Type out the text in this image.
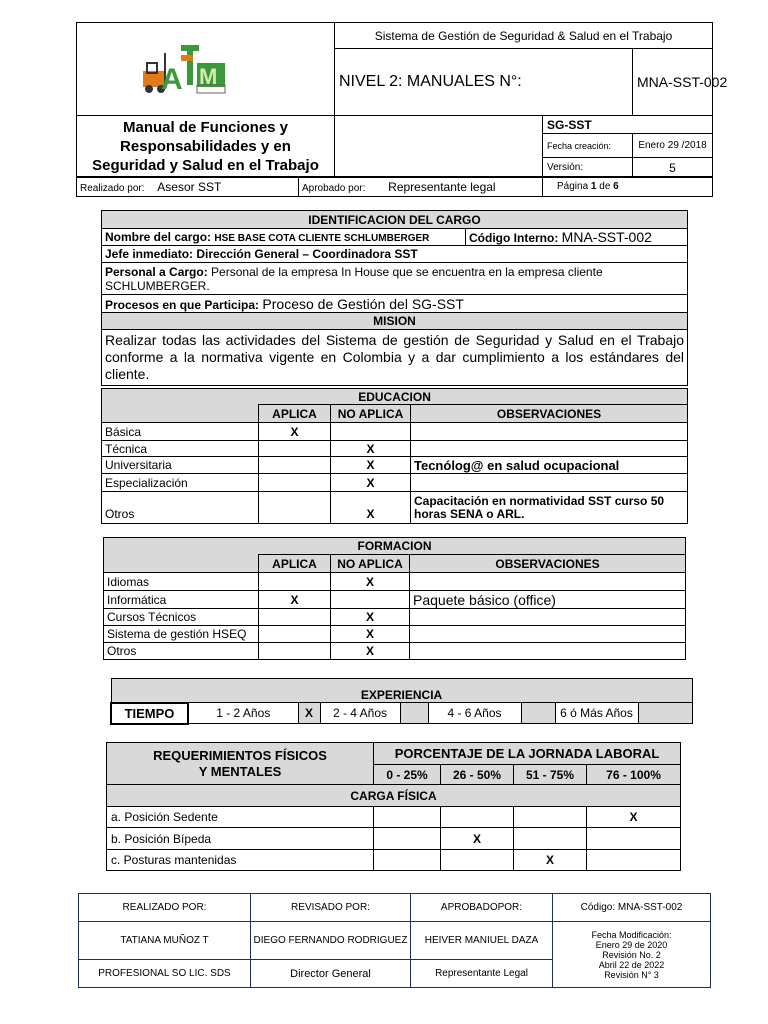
A M	Sistema de Gestión de Seguridad & Salud en el Trabajo		
	NIVEL 2: MANUALES N°:		MNA-SST-002
Manual de Funciones y Responsabilidades y en Seguridad y Salud en el Trabajo		SG-SST	
		Fecha creación:	Enero 29 /2018
		Versión:	5
Realizado por: Asesor SST	Aprobado por: Representante legal	Página 1 de 6
IDENTIFICACION DEL CARGO
Nombre del cargo: HSE BASE COTA CLIENTE SCHLUMBERGER	Código Interno: MNA-SST-002
Jefe inmediato: Dirección General – Coordinadora SST
Personal a Cargo: Personal de la empresa In House que se encuentra en la empresa cliente
SCHLUMBERGER.
Procesos en que Participa: Proceso de Gestión del SG-SST
MISION
Realizar todas las actividades del Sistema de gestión de Seguridad y Salud en el Trabajo conforme a la normativa vigente en Colombia y a dar cumplimiento a los estándares del cliente.
EDUCACION			
	APLICA	NO APLICA	OBSERVACIONES
Básica	X		
Técnica		X	
Universitaria		X	Tecnólog@ en salud ocupacional
Especialización		X	
Otros		X	Capacitación en normatividad SST curso 50
horas SENA o ARL.
FORMACION			
	APLICA	NO APLICA	OBSERVACIONES
Idiomas		X	
Informática	X		Paquete básico (office)
Cursos Técnicos		X	
Sistema de gestión HSEQ		X	
Otros		X	
EXPERIENCIA
TIEMPO	1 - 2 Años	X	2 - 4 Años		4 - 6 Años		6 ó Más Años	
REQUERIMIENTOS FÍSICOS
Y MENTALES	PORCENTAJE DE LA JORNADA LABORAL			
	0 - 25%	26 - 50%	51 - 75%	76 - 100%
CARGA FÍSICA				
a. Posición Sedente				X
b. Posición Bípeda		X		
c. Posturas mantenidas			X	
REALIZADO POR:	REVISADO POR:	APROBADOPOR:	Código: MNA-SST-002
TATIANA MUÑOZ T	DIEGO FERNANDO RODRIGUEZ	HEIVER MANIUEL DAZA	Fecha Modificación:
Enero 29 de 2020
Revisión No. 2
Abril 22 de 2022
Revisión N° 3
PROFESIONAL SO LIC. SDS	Director General	Representante Legal	
